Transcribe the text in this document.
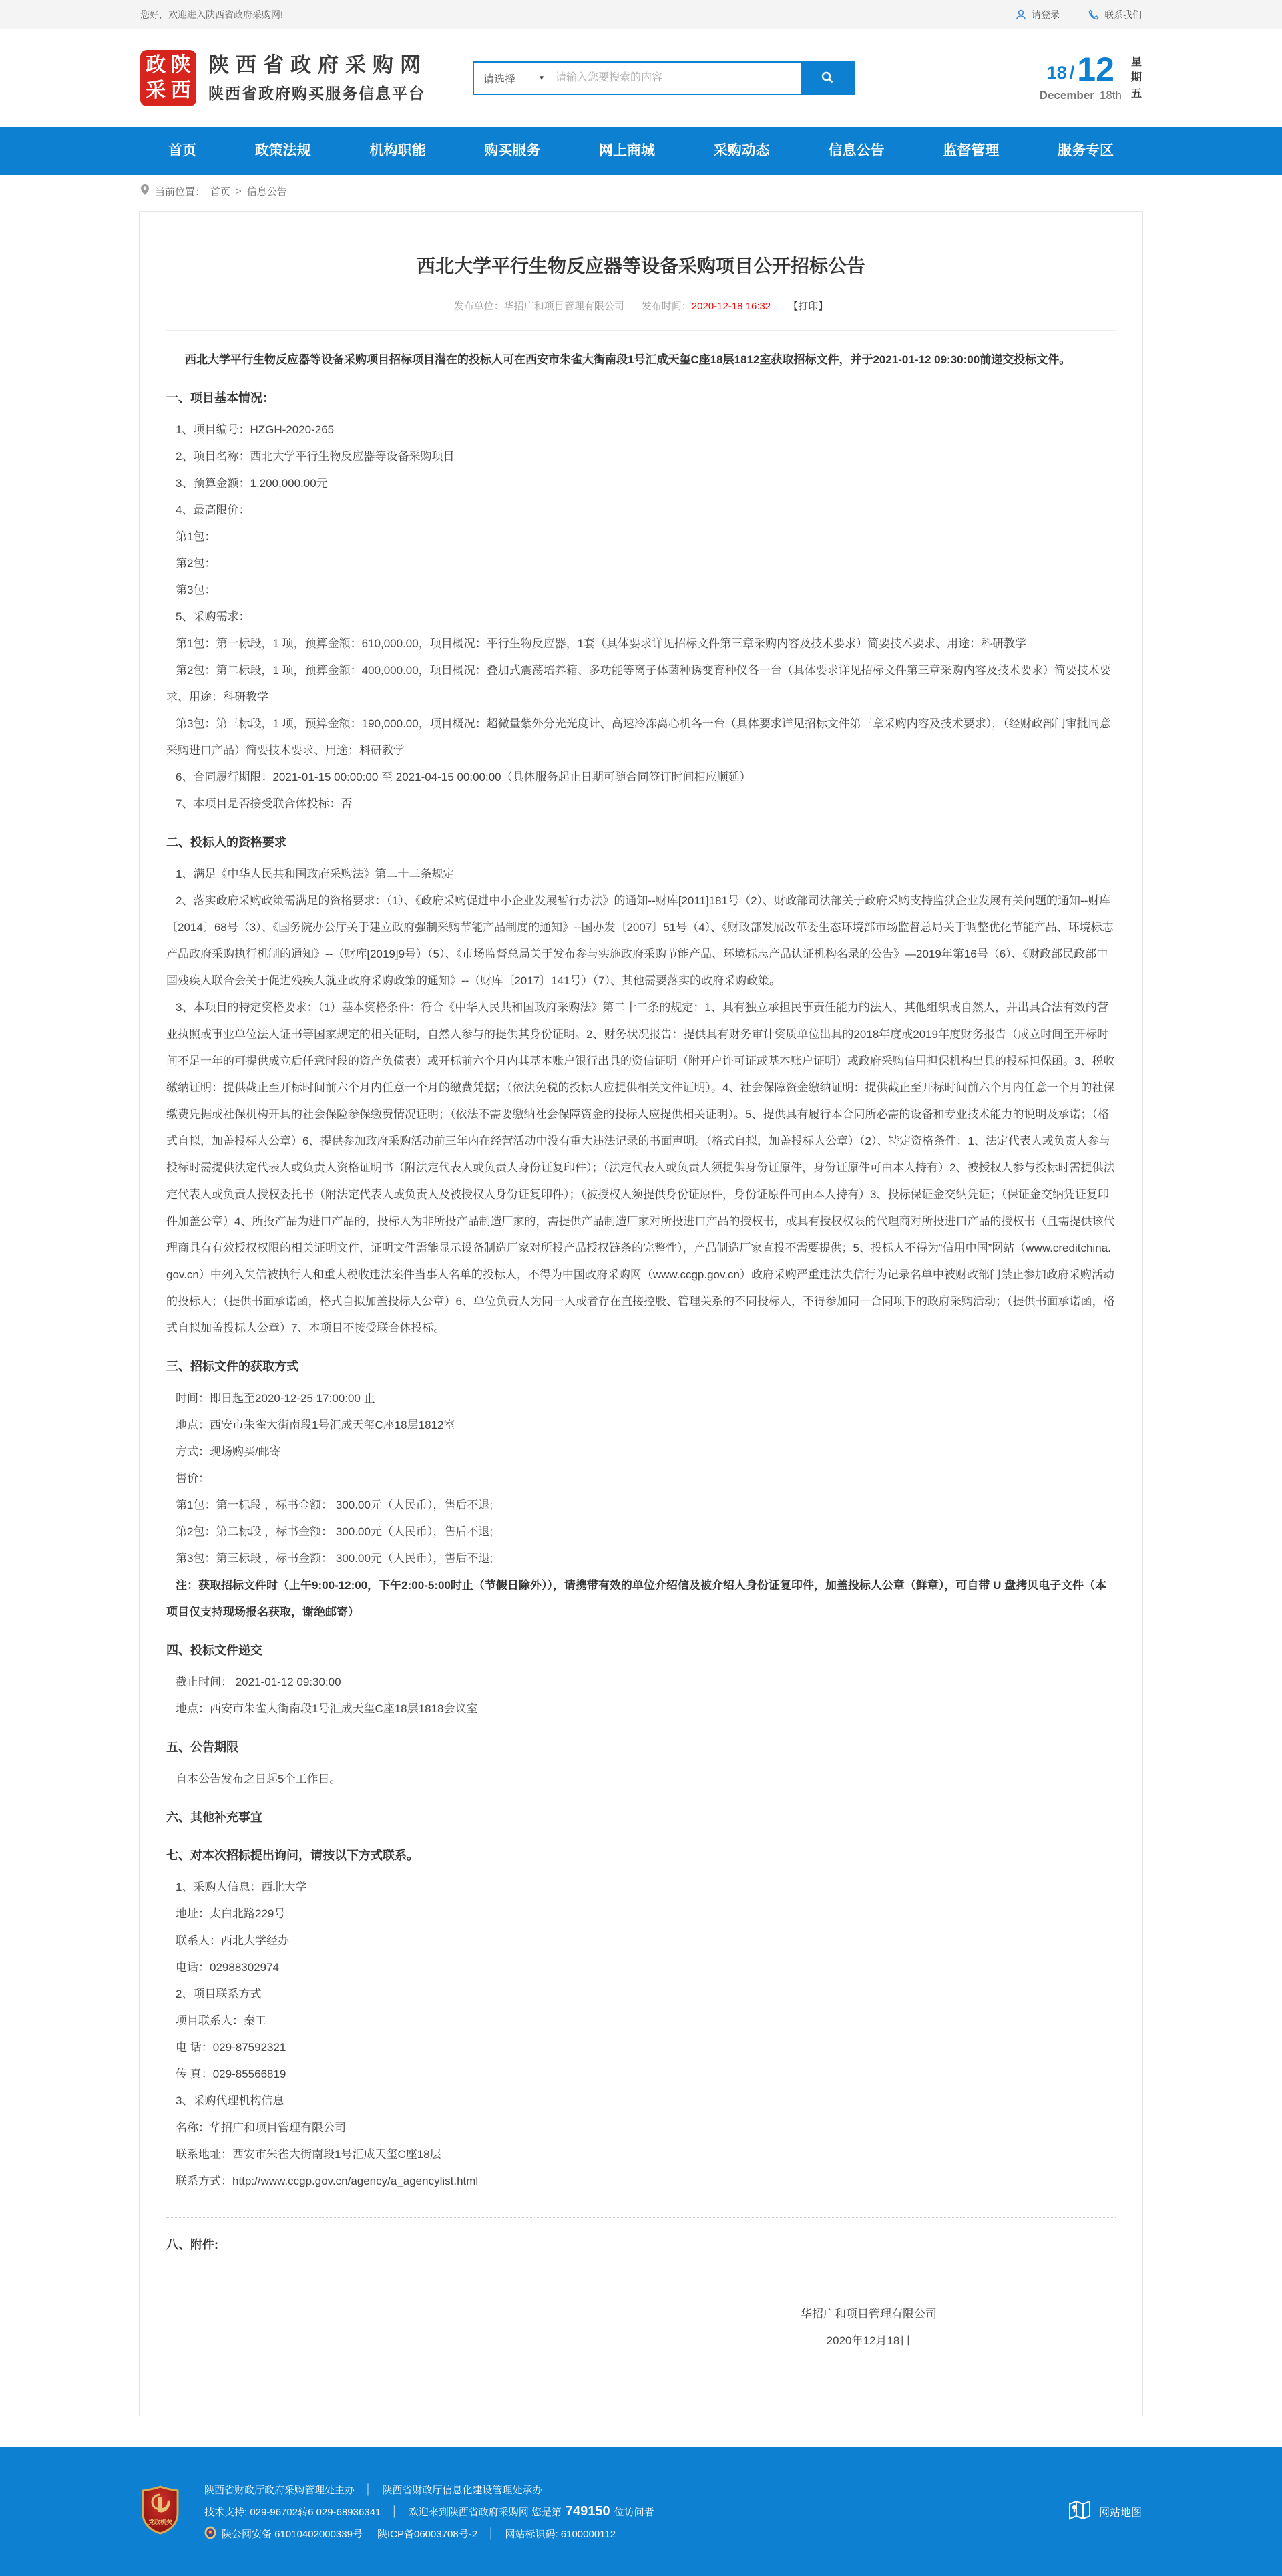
您好，欢迎进入陕西省政府采购网!	请登录	联系我们
政 陕
采 西
陕西省政府采购网
陕西省政府购买服务信息平台
请选择	▼
请输入您要搜索的内容	18 / 12
December 18th
星
期
五
首页	政策法规	机构职能	购买服务	网上商城	采购动态	信息公告	监督管理	服务专区
当前位置： 首页 > 信息公告
西北大学平行生物反应器等设备采购项目公开招标公告
发布单位：华招广和项目管理有限公司 发布时间：2020-12-18 16:32 【打印】

西北大学平行生物反应器等设备采购项目招标项目潜在的投标人可在西安市朱雀大街南段1号汇成天玺C座18层1812室获取招标文件，并于2021-01-12 09:30:00前递交投标文件。

一、项目基本情况：

1、项目编号：HZGH-2020-265

2、项目名称：西北大学平行生物反应器等设备采购项目

3、预算金额：1,200,000.00元

4、最高限价：

第1包：

第2包：

第3包：

5、采购需求：

第1包：第一标段，1 项，预算金额：610,000.00，项目概况：平行生物反应器，1套（具体要求详见招标文件第三章采购内容及技术要求）简要技术要求、用途：科研教学

第2包：第二标段，1 项，预算金额：400,000.00，项目概况：叠加式震荡培养箱、多功能等离子体菌种诱变育种仪各一台（具体要求详见招标文件第三章采购内容及技术要求）简要技术要求、用途：科研教学

第3包：第三标段，1 项，预算金额：190,000.00，项目概况：超微量紫外分光光度计、高速冷冻离心机各一台（具体要求详见招标文件第三章采购内容及技术要求），（经财政部门审批同意采购进口产品）简要技术要求、用途：科研教学

6、合同履行期限：2021-01-15 00:00:00 至 2021-04-15 00:00:00（具体服务起止日期可随合同签订时间相应顺延）

7、本项目是否接受联合体投标：否

二、投标人的资格要求

1、满足《中华人民共和国政府采购法》第二十二条规定

2、落实政府采购政策需满足的资格要求：（1）、《政府采购促进中小企业发展暂行办法》的通知--财库[2011]181号（2）、财政部司法部关于政府采购支持监狱企业发展有关问题的通知--财库〔2014〕68号（3）、《国务院办公厅关于建立政府强制采购节能产品制度的通知》--国办发〔2007〕51号（4）、《财政部发展改革委生态环境部市场监督总局关于调整优化节能产品、环境标志产品政府采购执行机制的通知》--（财库[2019]9号）（5）、《市场监督总局关于发布参与实施政府采购节能产品、环境标志产品认证机构名录的公告》—2019年第16号（6）、《财政部民政部中国残疾人联合会关于促进残疾人就业政府采购政策的通知》--（财库〔2017〕141号）（7）、其他需要落实的政府采购政策。

3、本项目的特定资格要求：（1）基本资格条件：符合《中华人民共和国政府采购法》第二十二条的规定：1、具有独立承担民事责任能力的法人、其他组织或自然人，并出具合法有效的营业执照或事业单位法人证书等国家规定的相关证明，自然人参与的提供其身份证明。2、财务状况报告：提供具有财务审计资质单位出具的2018年度或2019年度财务报告（成立时间至开标时间不足一年的可提供成立后任意时段的资产负债表）或开标前六个月内其基本账户银行出具的资信证明（附开户许可证或基本账户证明）或政府采购信用担保机构出具的投标担保函。3、税收缴纳证明：提供截止至开标时间前六个月内任意一个月的缴费凭据；（依法免税的投标人应提供相关文件证明）。4、社会保障资金缴纳证明：提供截止至开标时间前六个月内任意一个月的社保缴费凭据或社保机构开具的社会保险参保缴费情况证明；（依法不需要缴纳社会保障资金的投标人应提供相关证明）。5、提供具有履行本合同所必需的设备和专业技术能力的说明及承诺；（格式自拟，加盖投标人公章）6、提供参加政府采购活动前三年内在经营活动中没有重大违法记录的书面声明。（格式自拟，加盖投标人公章）（2）、特定资格条件：1、法定代表人或负责人参与投标时需提供法定代表人或负责人资格证明书（附法定代表人或负责人身份证复印件）；（法定代表人或负责人须提供身份证原件，身份证原件可由本人持有）2、被授权人参与投标时需提供法定代表人或负责人授权委托书（附法定代表人或负责人及被授权人身份证复印件）；（被授权人须提供身份证原件，身份证原件可由本人持有）3、投标保证金交纳凭证；（保证金交纳凭证复印件加盖公章）4、所投产品为进口产品的，投标人为非所投产品制造厂家的，需提供产品制造厂家对所投进口产品的授权书，或具有授权权限的代理商对所投进口产品的授权书（且需提供该代理商具有有效授权权限的相关证明文件，证明文件需能显示设备制造厂家对所投产品授权链条的完整性），产品制造厂家直投不需要提供；5、投标人不得为“信用中国”网站（www.creditchina.gov.cn）中列入失信被执行人和重大税收违法案件当事人名单的投标人，不得为中国政府采购网（www.ccgp.gov.cn）政府采购严重违法失信行为记录名单中被财政部门禁止参加政府采购活动的投标人；（提供书面承诺函，格式自拟加盖投标人公章）6、单位负责人为同一人或者存在直接控股、管理关系的不同投标人，不得参加同一合同项下的政府采购活动；（提供书面承诺函，格式自拟加盖投标人公章）7、本项目不接受联合体投标。

三、招标文件的获取方式

时间：即日起至2020-12-25 17:00:00 止

地点：西安市朱雀大街南段1号汇成天玺C座18层1812室

方式：现场购买/邮寄

售价：

第1包：第一标段 ，标书金额： 300.00元（人民币），售后不退;

第2包：第二标段 ，标书金额： 300.00元（人民币），售后不退;

第3包：第三标段 ，标书金额： 300.00元（人民币），售后不退;

注：获取招标文件时（上午9:00-12:00，下午2:00-5:00时止（节假日除外）），请携带有效的单位介绍信及被介绍人身份证复印件，加盖投标人公章（鲜章），可自带 U 盘拷贝电子文件（本项目仅支持现场报名获取，谢绝邮寄）

四、投标文件递交

截止时间： 2021-01-12 09:30:00

地点：西安市朱雀大街南段1号汇成天玺C座18层1818会议室

五、公告期限

自本公告发布之日起5个工作日。

六、其他补充事宜
七、对本次招标提出询问，请按以下方式联系。

1、采购人信息：西北大学

地址：太白北路229号

联系人：西北大学经办

电话：02988302974

2、项目联系方式

项目联系人：秦工

电 话：029-87592321

传 真：029-85566819

3、采购代理机构信息

名称：华招广和项目管理有限公司

联系地址：西安市朱雀大街南段1号汇成天玺C座18层

联系方式：http://www.ccgp.gov.cn/agency/a_agencylist.html

八、附件:
华招广和项目管理有限公司
2020年12月18日
党政机关
陕西省财政厅政府采购管理处主办 │ 陕西省财政厅信息化建设管理处承办
技术支持: 029-96702转6 029-68936341 │ 欢迎来到陕西省政府采购网 您是第 749150 位访问者
陕公网安备 61010402000339号 陕ICP备06003708号-2 │ 网站标识码: 6100000112
网站地图
